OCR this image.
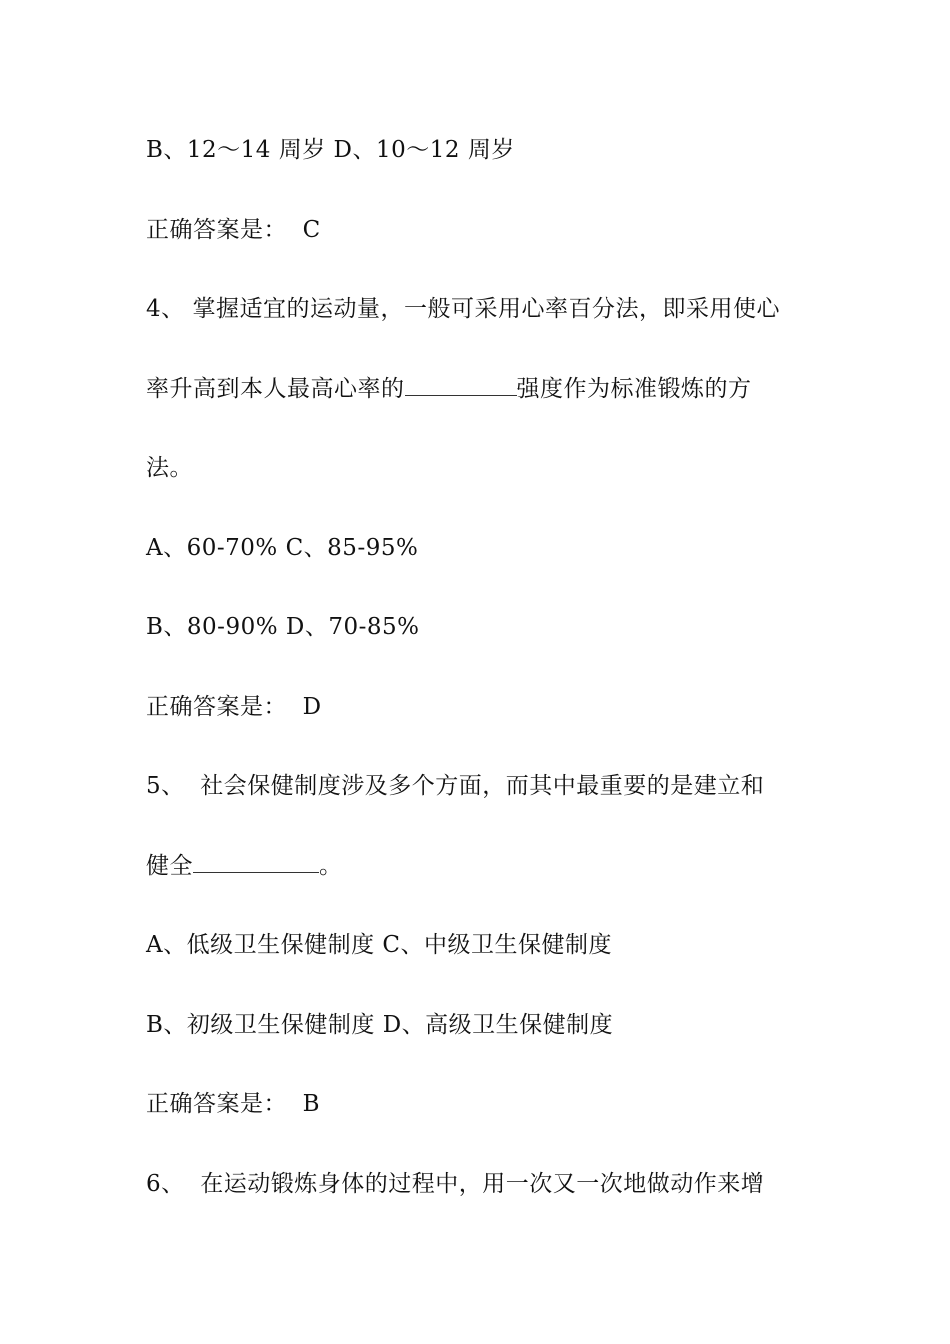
B、12～14 周岁 D、10～12 周岁
正确答案是：  C
4、 掌握适宜的运动量，一般可采用心率百分法，即采用使心
率升高到本人最高心率的	强度作为标准锻炼的方
法。
A、60-70% C、85-95%
B、80-90% D、70-85%
正确答案是：  D
5、  社会保健制度涉及多个方面，而其中最重要的是建立和
健全	。
A、低级卫生保健制度 C、中级卫生保健制度
B、初级卫生保健制度 D、高级卫生保健制度
正确答案是：  B
6、  在运动锻炼身体的过程中，用一次又一次地做动作来增
